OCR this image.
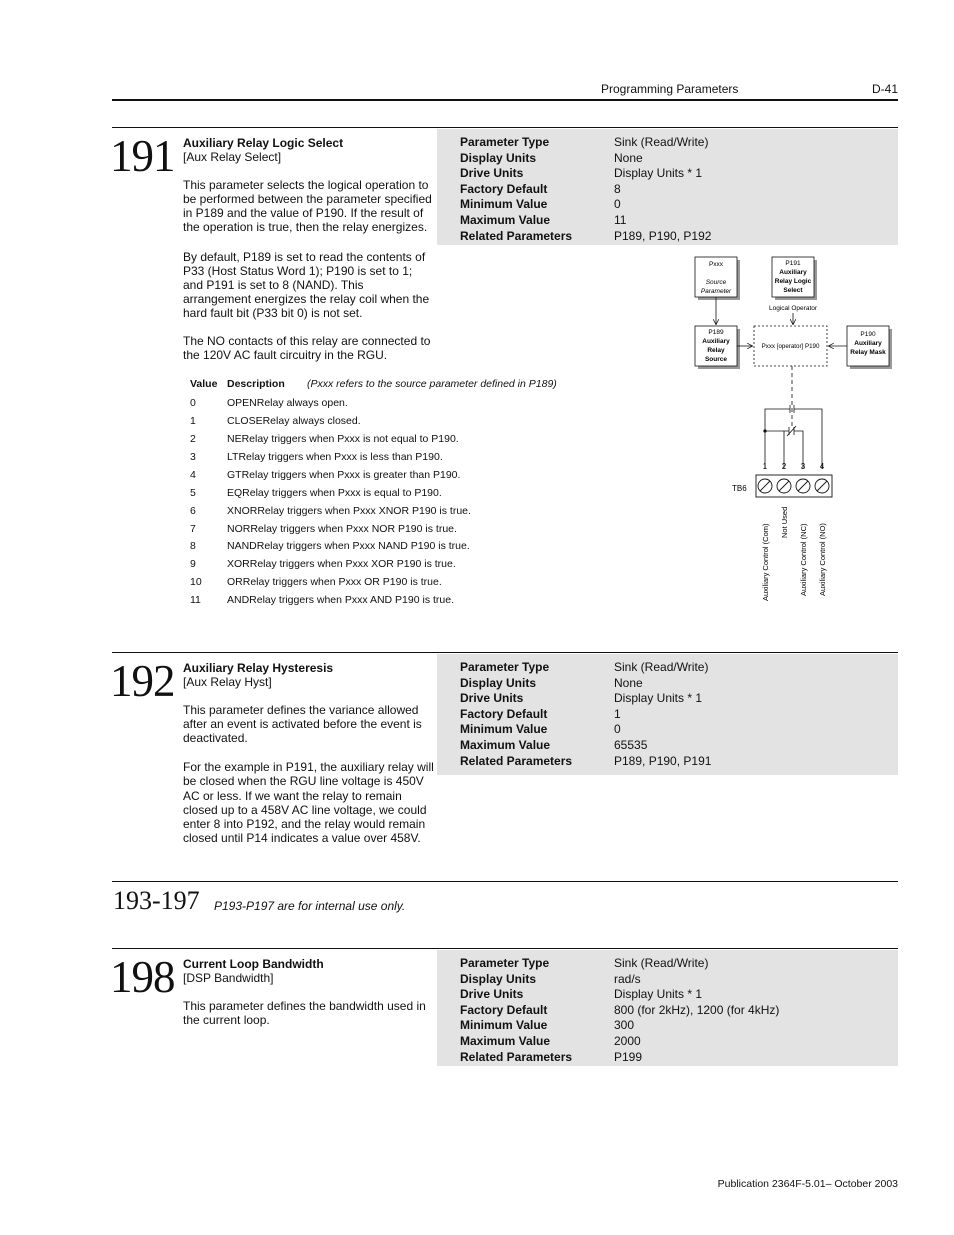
Programming Parameters	D-41
191 Auxiliary Relay Logic Select
[Aux Relay Select]
This parameter selects the logical operation to be performed between the parameter specified in P189 and the value of P190. If the result of the operation is true, then the relay energizes.
By default, P189 is set to read the contents of P33 (Host Status Word 1); P190 is set to 1; and P191 is set to 8 (NAND). This arrangement energizes the relay coil when the hard fault bit (P33 bit 0) is not set.
The NO contacts of this relay are connected to the 120V AC fault circuitry in the RGU.
Parameter Type	Sink (Read/Write)
Display Units	None
Drive Units	Display Units * 1
Factory Default	8
Minimum Value	0
Maximum Value	11
Related Parameters	P189, P190, P192
Value Description (Pxxx refers to the source parameter defined in P189)
0	OPENRelay always open.
1	CLOSERelay always closed.
2	NERelay triggers when Pxxx is not equal to P190.
3	LTRelay triggers when Pxxx is less than P190.
4	GTRelay triggers when Pxxx is greater than P190.
5	EQRelay triggers when Pxxx is equal to P190.
6	XNORRelay triggers when Pxxx XNOR P190 is true.
7	NORRelay triggers when Pxxx NOR P190 is true.
8	NANDRelay triggers when Pxxx NAND P190 is true.
9	XORRelay triggers when Pxxx XOR P190 is true.
10 ORRelay triggers when Pxxx OR P190 is true.
11 ANDRelay triggers when Pxxx AND P190 is true.
Pxxx
Source
Parameter
P191
Auxiliary
Relay Logic
Select
Logical Operator
P189
Auxiliary
Relay
Source
Pxxx [operator] P190
P190
Auxiliary
Relay Mask
1 2 3 4
TB6
Auxiliary Control (Com)
Not Used
Auxiliary Control (NC) Auxiliary Control (NO)
192 Auxiliary Relay Hysteresis
[Aux Relay Hyst]
This parameter defines the variance allowed after an event is activated before the event is deactivated.
For the example in P191, the auxiliary relay will be closed when the RGU line voltage is 450V AC or less. If we want the relay to remain closed up to a 458V AC line voltage, we could enter 8 into P192, and the relay would remain closed until P14 indicates a value over 458V.
Parameter Type	Sink (Read/Write)
Display Units	None
Drive Units	Display Units * 1
Factory Default	1
Minimum Value	0
Maximum Value	65535
Related Parameters	P189, P190, P191
193-197 P193-P197 are for internal use only.
198 Current Loop Bandwidth
[DSP Bandwidth]
This parameter defines the bandwidth used in the current loop.
Parameter Type	Sink (Read/Write)
Display Units	rad/s
Drive Units	Display Units * 1
Factory Default	800 (for 2kHz), 1200 (for 4kHz)
Minimum Value	300
Maximum Value	2000
Related Parameters	P199
Publication 2364F-5.01– October 2003
